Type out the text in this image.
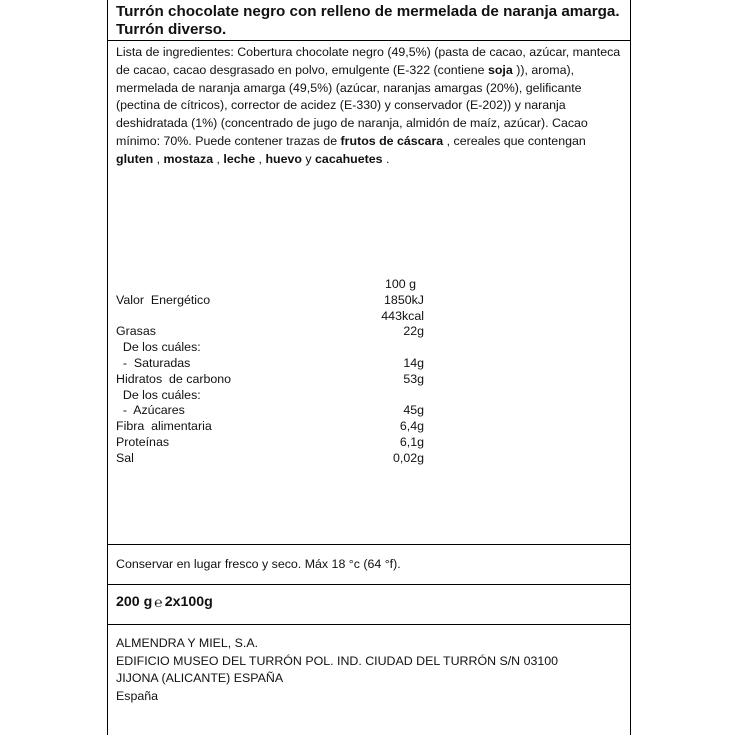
Turrón chocolate negro con relleno de mermelada de naranja amarga. Turrón diverso.

Lista de ingredientes: Cobertura chocolate negro (49,5%) (pasta de cacao, azúcar, manteca de cacao, cacao desgrasado en polvo, emulgente (E-322 (contiene soja )), aroma), mermelada de naranja amarga (49,5%) (azúcar, naranjas amargas (20%), gelificante (pectina de cítricos), corrector de acidez (E-330) y conservador (E-202)) y naranja deshidratada (1%) (concentrado de jugo de naranja, almidón de maíz, azúcar). Cacao mínimo: 70%. Puede contener trazas de frutos de cáscara , cereales que contengan gluten , mostaza , leche , huevo y cacahuetes .

100 g
Valor  Energético	1850kJ
443kcal
Grasas	22g
De los cuáles:
-  Saturadas	14g
Hidratos  de carbono	53g
De los cuáles:
-  Azúcares	45g
Fibra  alimentaria	6,4g
Proteínas	6,1g
Sal	0,02g

Conservar en lugar fresco y seco. Máx 18 °c (64 °f).

200 g ℮ 2x100g
ALMENDRA Y MIEL, S.A.
EDIFICIO MUSEO DEL TURRÓN POL. IND. CIUDAD DEL TURRÓN S/N 03100
JIJONA (ALICANTE) ESPAÑA
España
